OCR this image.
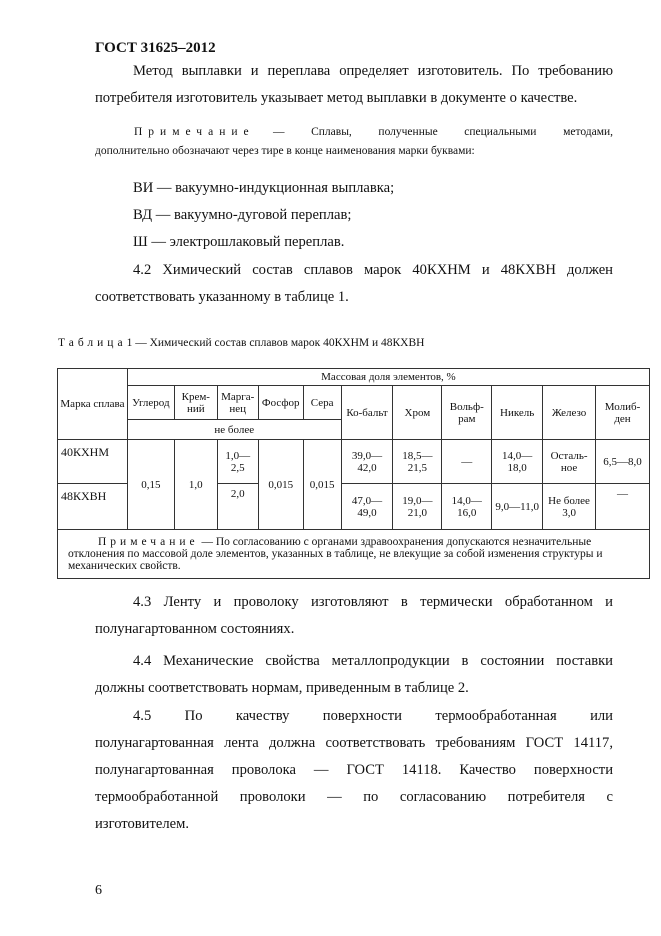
ГОСТ 31625–2012
Метод выплавки и переплава определяет изготовитель. По требованию
потребителя изготовитель указывает метод выплавки в документе о качестве.
Примечание — Сплавы, полученные специальными методами,
дополнительно обозначают через тире в конце наименования марки буквами:
ВИ — вакуумно-индукционная выплавка;
ВД — вакуумно-дуговой переплав;
Ш — электрошлаковый переплав.
4.2 Химический состав сплавов марок 40КХНМ и 48КХВН должен
соответствовать указанному в таблице 1.
Таблица1 — Химический состав сплавов марок 40КХНМ и 48КХВН
Марка сплава	Массовая доля элементов, %										
	Углерод	Крем-ний	Марга-нец	Фосфор	Сера	Ко-бальт	Хром	Вольф-рам	Никель	Железо	Молиб-ден
	не более										
40КХНМ	0,15	1,0	1,0—2,5	0,015	0,015	39,0—42,0	18,5—21,5	—	14,0—18,0	Осталь-ное	6,5—8,0
48КХВН			2,0			47,0—49,0	19,0—21,0	14,0—16,0	9,0—11,0	Не более 3,0	—
Примечание — По согласованию с органами здравоохранения допускаются незначительные отклонения по массовой доле элементов, указанных в таблице, не влекущие за собой изменения структуры и механических свойств.											
4.3 Ленту и проволоку изготовляют в термически обработанном и
полунагартованном состояниях.
4.4 Механические свойства металлопродукции в состоянии поставки
должны соответствовать нормам, приведенным в таблице 2.
4.5 По качеству поверхности термообработанная или
полунагартованная лента должна соответствовать требованиям ГОСТ 14117,
полунагартованная проволока — ГОСТ 14118. Качество поверхности
термообработанной проволоки — по согласованию потребителя с
изготовителем.
6
